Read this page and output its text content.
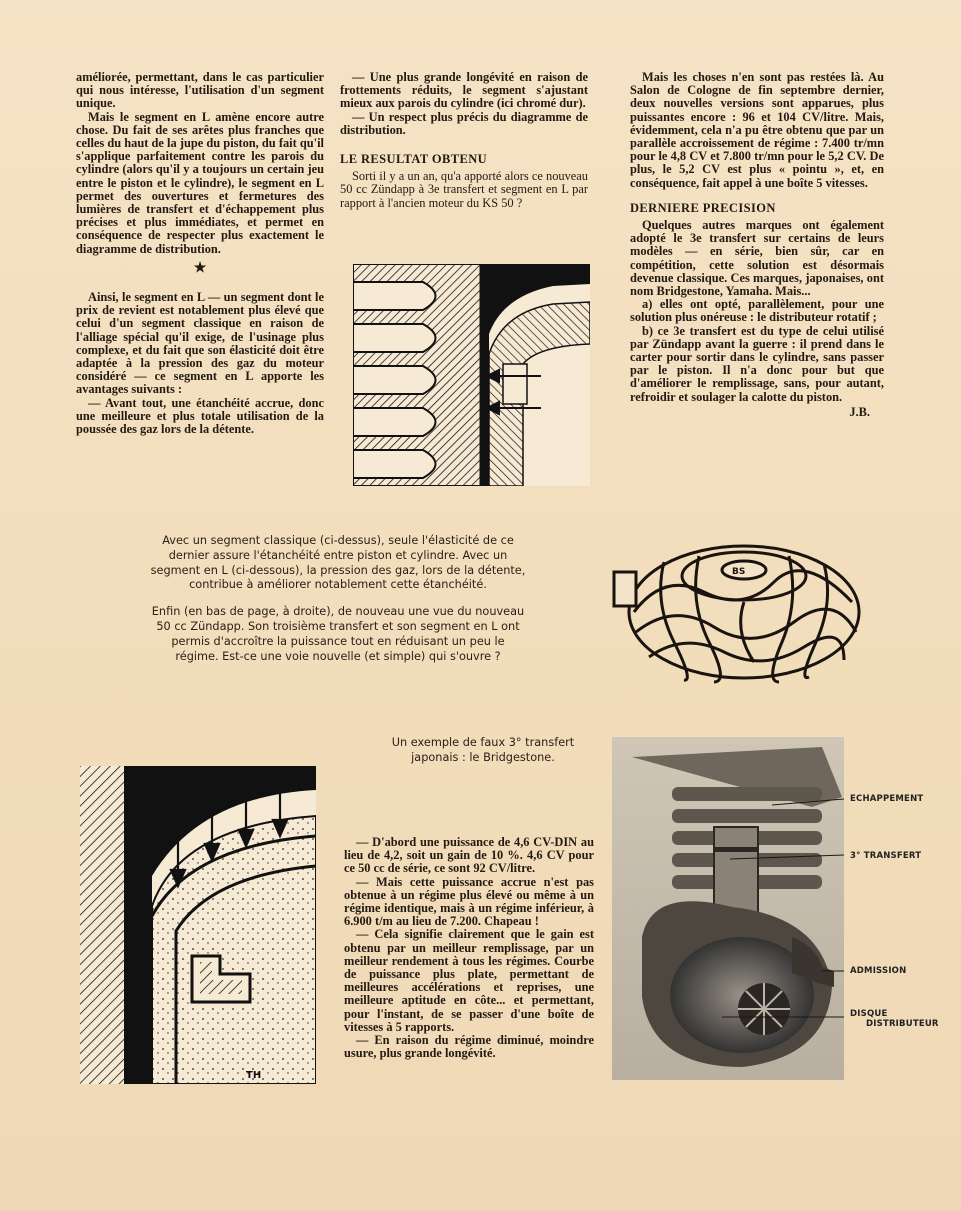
améliorée, permettant, dans le cas particulier qui nous intéresse, l'utilisation d'un segment unique.

Mais le segment en L amène encore autre chose. Du fait de ses arêtes plus franches que celles du haut de la jupe du piston, du fait qu'il s'applique parfaitement contre les parois du cylindre (alors qu'il y a toujours un certain jeu entre le piston et le cylindre), le segment en L permet des ouvertures et fermetures des lumières de transfert et d'échappement plus précises et plus immédiates, et permet en conséquence de respecter plus exactement le diagramme de distribution.

★

Ainsi, le segment en L — un segment dont le prix de revient est notablement plus élevé que celui d'un segment classique en raison de l'alliage spécial qu'il exige, de l'usinage plus complexe, et du fait que son élasticité doit être adaptée à la pression des gaz du moteur considéré — ce segment en L apporte les avantages suivants :

— Avant tout, une étanchéité accrue, donc une meilleure et plus totale utilisation de la poussée des gaz lors de la détente.

— Une plus grande longévité en raison de frottements réduits, le segment s'ajustant mieux aux parois du cylindre (ici chromé dur).

— Un respect plus précis du diagramme de distribution.

LE RESULTAT OBTENU

Sorti il y a un an, qu'a apporté alors ce nouveau 50 cc Zündapp à 3e transfert et segment en L par rapport à l'ancien moteur du KS 50 ?

Mais les choses n'en sont pas restées là. Au Salon de Cologne de fin septembre dernier, deux nouvelles versions sont apparues, plus puissantes encore : 96 et 104 CV/litre. Mais, évidemment, cela n'a pu être obtenu que par un parallèle accroissement de régime : 7.400 tr/mn pour le 4,8 CV et 7.800 tr/mn pour le 5,2 CV. De plus, le 5,2 CV est plus « pointu », et, en conséquence, fait appel à une boîte 5 vitesses.

DERNIERE PRECISION

Quelques autres marques ont également adopté le 3e transfert sur certains de leurs modèles — en série, bien sûr, car en compétition, cette solution est désormais devenue classique. Ces marques, japonaises, ont nom Bridgestone, Yamaha. Mais...

a) elles ont opté, parallèlement, pour une solution plus onéreuse : le distributeur rotatif ;

b) ce 3e transfert est du type de celui utilisé par Zündapp avant la guerre : il prend dans le carter pour sortir dans le cylindre, sans passer par le piston. Il n'a donc pour but que d'améliorer le remplissage, sans, pour autant, refroidir et soulager la calotte du piston.

J.B.

Avec un segment classique (ci-dessus), seule l'élasticité de ce dernier assure l'étanchéité entre piston et cylindre. Avec un segment en L (ci-dessous), la pression des gaz, lors de la détente, contribue à améliorer notablement cette étanchéité.

Enfin (en bas de page, à droite), de nouveau une vue du nouveau 50 cc Zündapp. Son troisième transfert et son segment en L ont permis d'accroître la puissance tout en réduisant un peu le régime. Est-ce une voie nouvelle (et simple) qui s'ouvre ?

BS

Un exemple de faux 3° transfert japonais : le Bridgestone.

TH

— D'abord une puissance de 4,6 CV-DIN au lieu de 4,2, soit un gain de 10 %. 4,6 CV pour ce 50 cc de série, ce sont 92 CV/litre.

— Mais cette puissance accrue n'est pas obtenue à un régime plus élevé ou même à un régime identique, mais à un régime inférieur, à 6.900 t/m au lieu de 7.200. Chapeau !

— Cela signifie clairement que le gain est obtenu par un meilleur remplissage, par un meilleur rendement à tous les régimes. Courbe de puissance plus plate, permettant de meilleures accélérations et reprises, une meilleure aptitude en côte... et permettant, pour l'instant, de se passer d'une boîte de vitesses à 5 rapports.

— En raison du régime diminué, moindre usure, plus grande longévité.

ECHAPPEMENT
3° TRANSFERT
ADMISSION
DISQUE
DISTRIBUTEUR
